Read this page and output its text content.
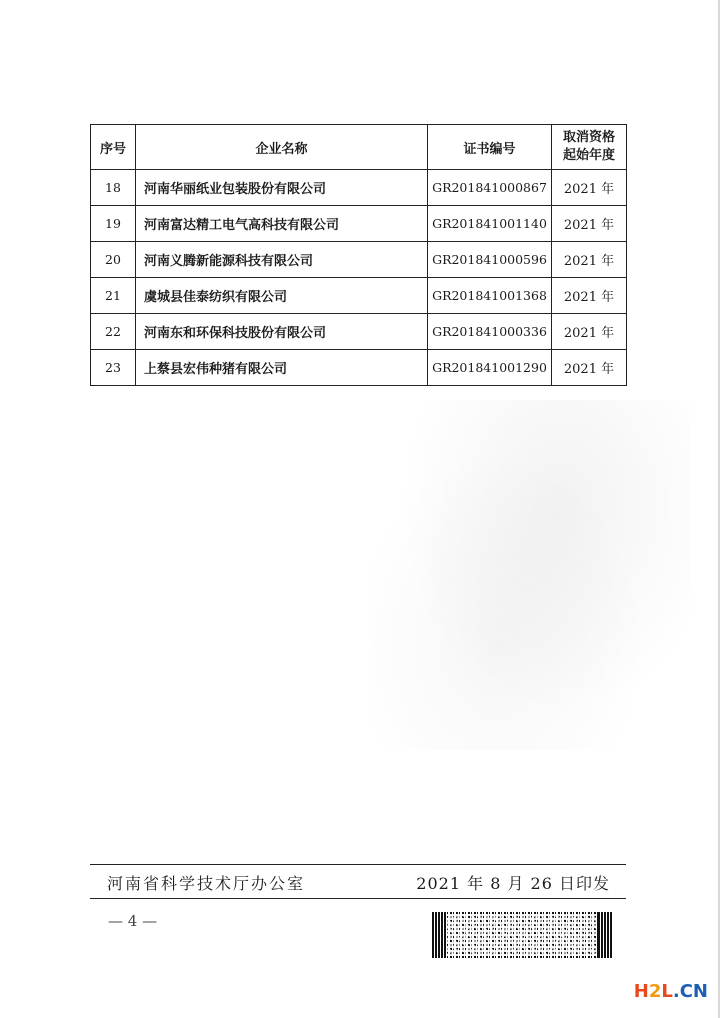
序号	企业名称	证书编号	取消资格
起始年度

18	河南华丽纸业包装股份有限公司	GR201841000867	2021 年
19	河南富达精工电气高科技有限公司	GR201841001140	2021 年
20	河南义腾新能源科技有限公司	GR201841000596	2021 年
21	虞城县佳泰纺织有限公司	GR201841001368	2021 年
22	河南东和环保科技股份有限公司	GR201841000336	2021 年
23	上蔡县宏伟种猪有限公司	GR201841001290	2021 年
河南省科学技术厅办公室	2021 年 8 月 26 日印发
— 4 —
H2L.CN
